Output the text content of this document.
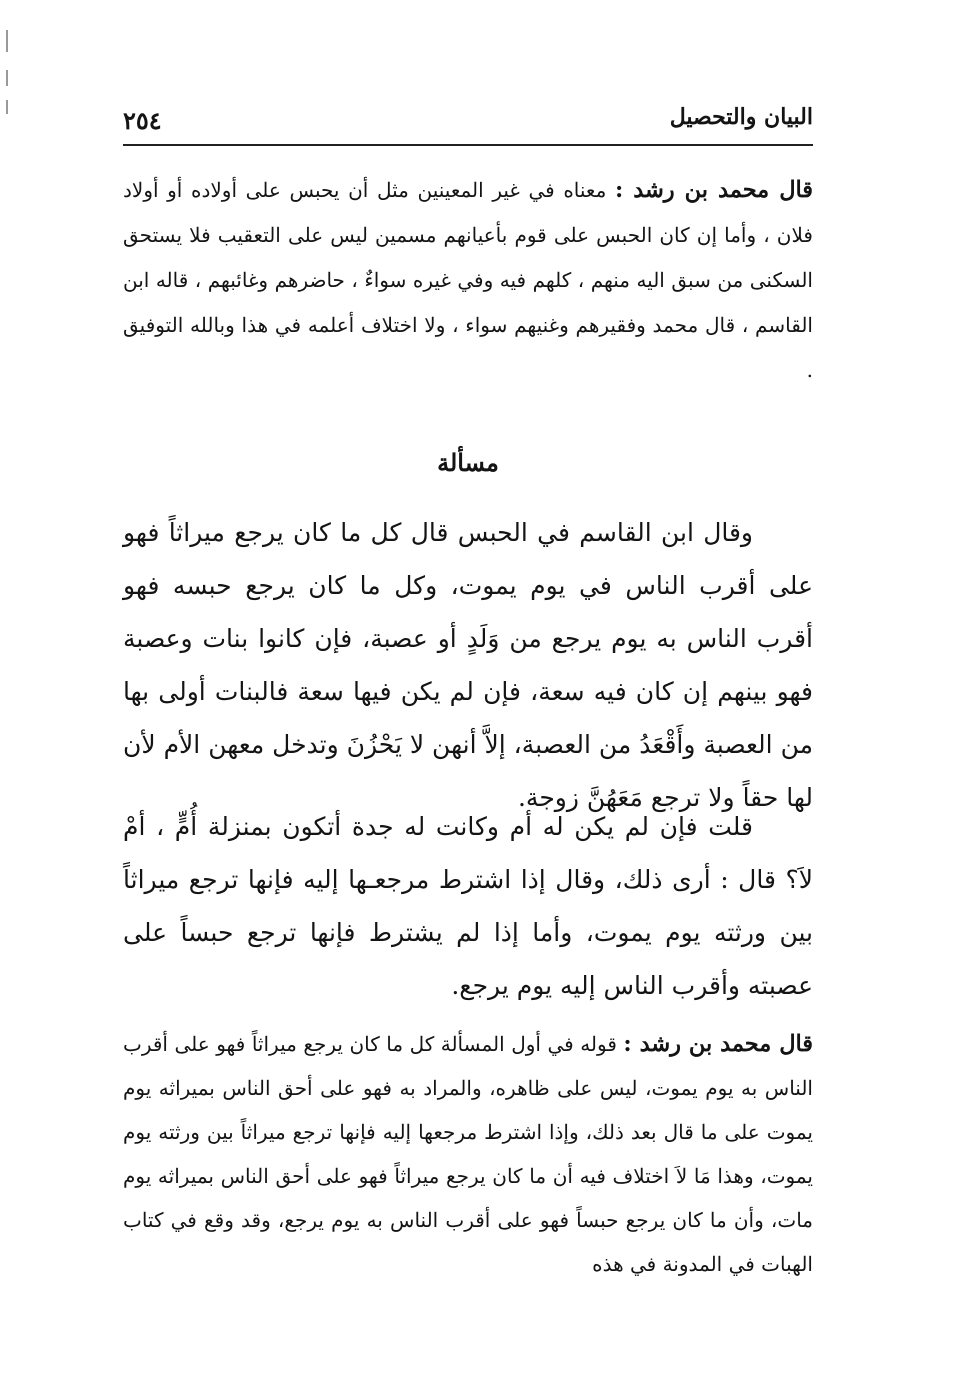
البيان والتحصيل
٢٥٤
قال محمد بن رشد : معناه في غير المعينين مثل أن يحبس على أولاده أو أولاد فلان ، وأما إن كان الحبس على قوم بأعيانهم مسمين ليس على التعقيب فلا يستحق السكنى من سبق اليه منهم ، كلهم فيه وفي غيره سواءٌ ، حاضرهم وغائبهم ، قاله ابن القاسم ، قال محمد وفقيرهم وغنيهم سواء ، ولا اختلاف أعلمه في هذا وبالله التوفيق .
مسألة
وقال ابن القاسم في الحبس قال كل ما كان يرجع ميراثاً فهو على أقرب الناس في يوم يموت، وكل ما كان يرجع حبسه فهو أقرب الناس به يوم يرجع من وَلَدٍ أو عصبة، فإن كانوا بنات وعصبة فهو بينهم إن كان فيه سعة، فإن لم يكن فيها سعة فالبنات أولى بها من العصبة وأَقْعَدُ من العصبة، إلاَّ أنهن لا يَحْزُنَ وتدخل معهن الأم لأن لها حقاً ولا ترجع مَعَهُنَّ زوجة.
قلت فإن لم يكن له أم وكانت له جدة أتكون بمنزلة أُمٍّ ، أمْ لاَ؟ قال : أرى ذلك، وقال إذا اشترط مرجعـها إليه فإنها ترجع ميراثاً بين ورثته يوم يموت، وأما إذا لم يشترط فإنها ترجع حبساً على عصبته وأقرب الناس إليه يوم يرجع.
قال محمد بن رشد : قوله في أول المسألة كل ما كان يرجع ميراثاً فهو على أقرب الناس به يوم يموت، ليس على ظاهره، والمراد به فهو على أحق الناس بميراثه يوم يموت على ما قال بعد ذلك، وإذا اشترط مرجعها إليه فإنها ترجع ميراثاً بين ورثته يوم يموت، وهذا مَا لاَ اختلاف فيه أن ما كان يرجع ميراثاً فهو على أحق الناس بميراثه يوم مات، وأن ما كان يرجع حبساً فهو على أقرب الناس به يوم يرجع، وقد وقع في كتاب الهبات في المدونة في هذه
